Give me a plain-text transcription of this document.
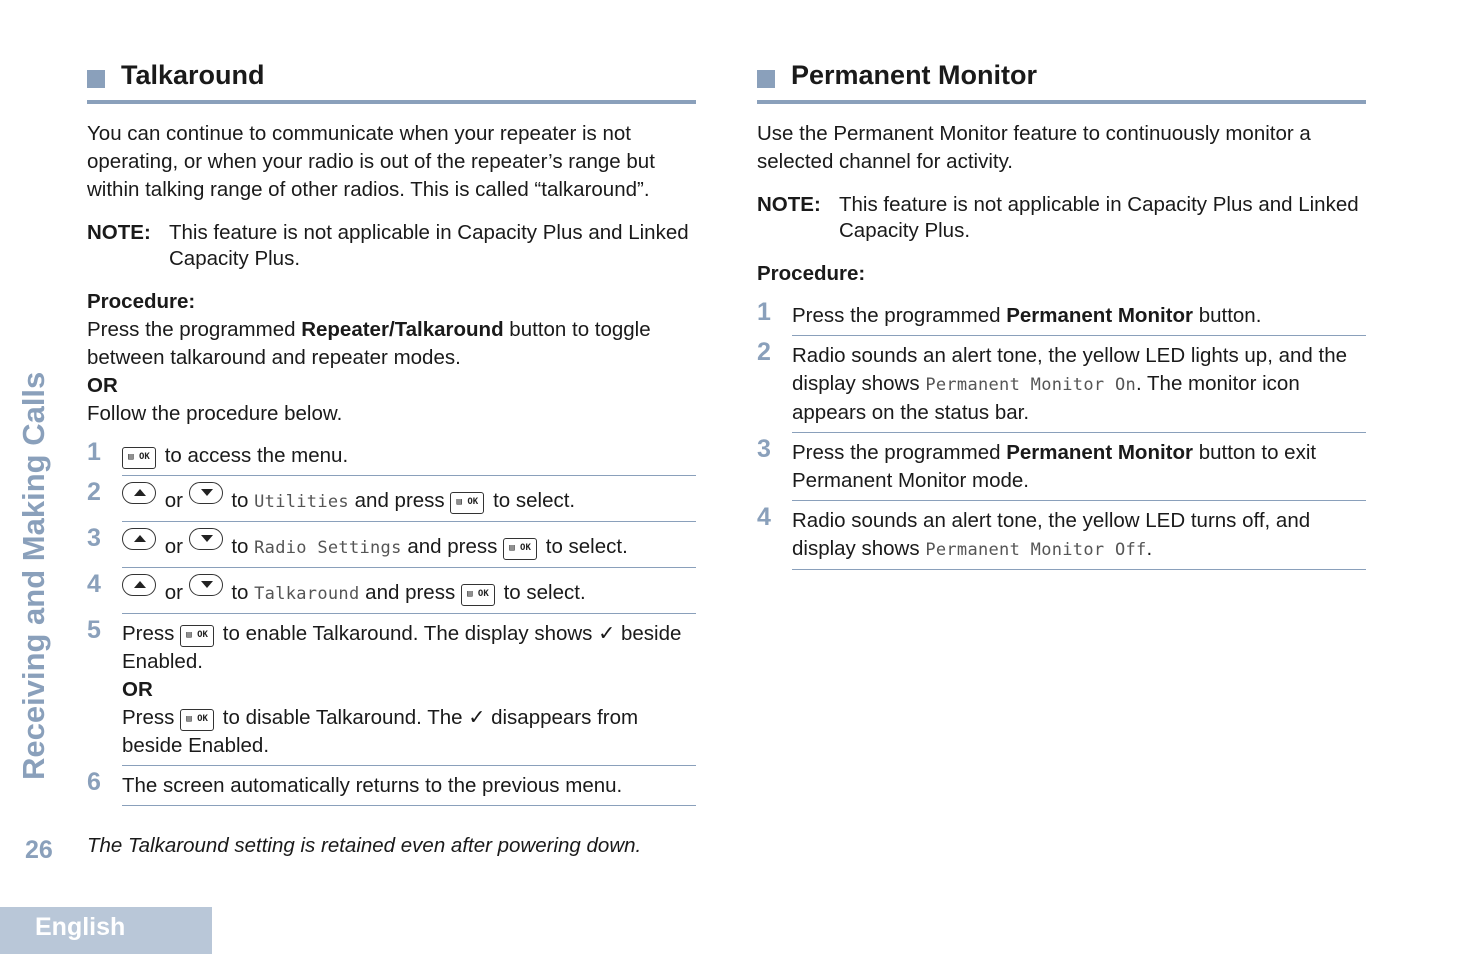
Receiving and Making Calls
26
English
Talkaround

You can continue to communicate when your repeater is not operating, or when your radio is out of the repeater’s range but within talking range of other radios. This is called “talkaround”.

NOTE: This feature is not applicable in Capacity Plus and Linked Capacity Plus.
Procedure:

Press the programmed Repeater/Talkaround button to toggle between talkaround and repeater modes.

OR

Follow the procedure below.

1	▤ OK to access the menu.
2	or
to Utilities and press ▤ OK to select.
3	or
to Radio Settings and press ▤ OK to select.
4	or
to Talkaround and press ▤ OK to select.
5 Press ▤ OK to enable Talkaround. The display shows ✓ beside Enabled.
OR
Press ▤ OK to disable Talkaround. The ✓ disappears from beside Enabled.
6 The screen automatically returns to the previous menu.

The Talkaround setting is retained even after powering down.

Permanent Monitor

Use the Permanent Monitor feature to continuously monitor a selected channel for activity.

NOTE: This feature is not applicable in Capacity Plus and Linked Capacity Plus.
Procedure:
1 Press the programmed Permanent Monitor button.
2 Radio sounds an alert tone, the yellow LED lights up, and the display shows Permanent Monitor On. The monitor icon appears on the status bar.
3 Press the programmed Permanent Monitor button to exit Permanent Monitor mode.
4 Radio sounds an alert tone, the yellow LED turns off, and display shows Permanent Monitor Off.
